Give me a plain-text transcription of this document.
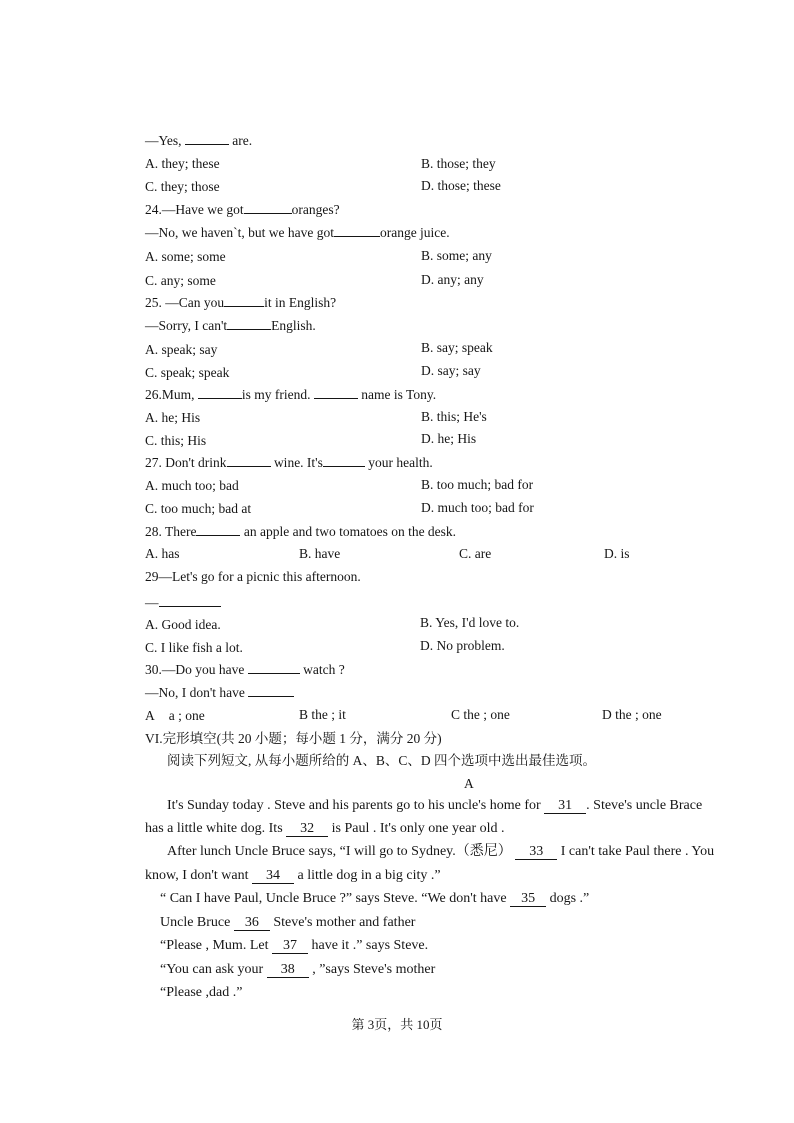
—Yes,	are.
A. they; these	B. those; they
C. they; those	D. those; these
24.—Have we got	oranges?
—No, we haven`t, but we have got	orange juice.
A. some; some	B. some; any
C. any; some	D. any; any
25. —Can you	it in English?
—Sorry, I can't	English.
A. speak; say	B. say; speak
C. speak; speak	D. say; say
26.Mum,	is my friend.	name is Tony.
A. he; His	B. this; He's
C. this; His	D. he; His
27. Don't drink	wine. It's	your health.
A. much too; bad	B. too much; bad for
C. too much; bad at	D. much too; bad for
28. There	an apple and two tomatoes on the desk.
A. has	B. have	C. are	D. is
29—Let's go for a picnic this afternoon.
—
A. Good idea.	B. Yes, I'd love to.
C. I like fish a lot.	D. No problem.
30.—Do you have	watch ?
—No, I don't have
A a ; one	B the ; it	C the ; one	D the ; one
VI.完形填空(共 20 小题；每小题 1 分，满分 20 分)
阅读下列短文, 从每小题所给的 A、B、C、D 四个选项中选出最佳选项。
A
It's Sunday today . Steve and his parents go to his uncle's home for 31 . Steve's uncle Brace
has a little white dog. Its 32 is Paul . It's only one year old .
After lunch Uncle Bruce says, “I will go to Sydney.（悉尼） 33 I can't take Paul there . You
know, I don't want 34 a little dog in a big city .”
“ Can I have Paul, Uncle Bruce ?” says Steve. “We don't have 35 dogs .”
Uncle Bruce 36 Steve's mother and father
“Please , Mum. Let 37 have it .” says Steve.
“You can ask your 38 , ”says Steve's mother
“Please ,dad .”
第 3页，共 10页
